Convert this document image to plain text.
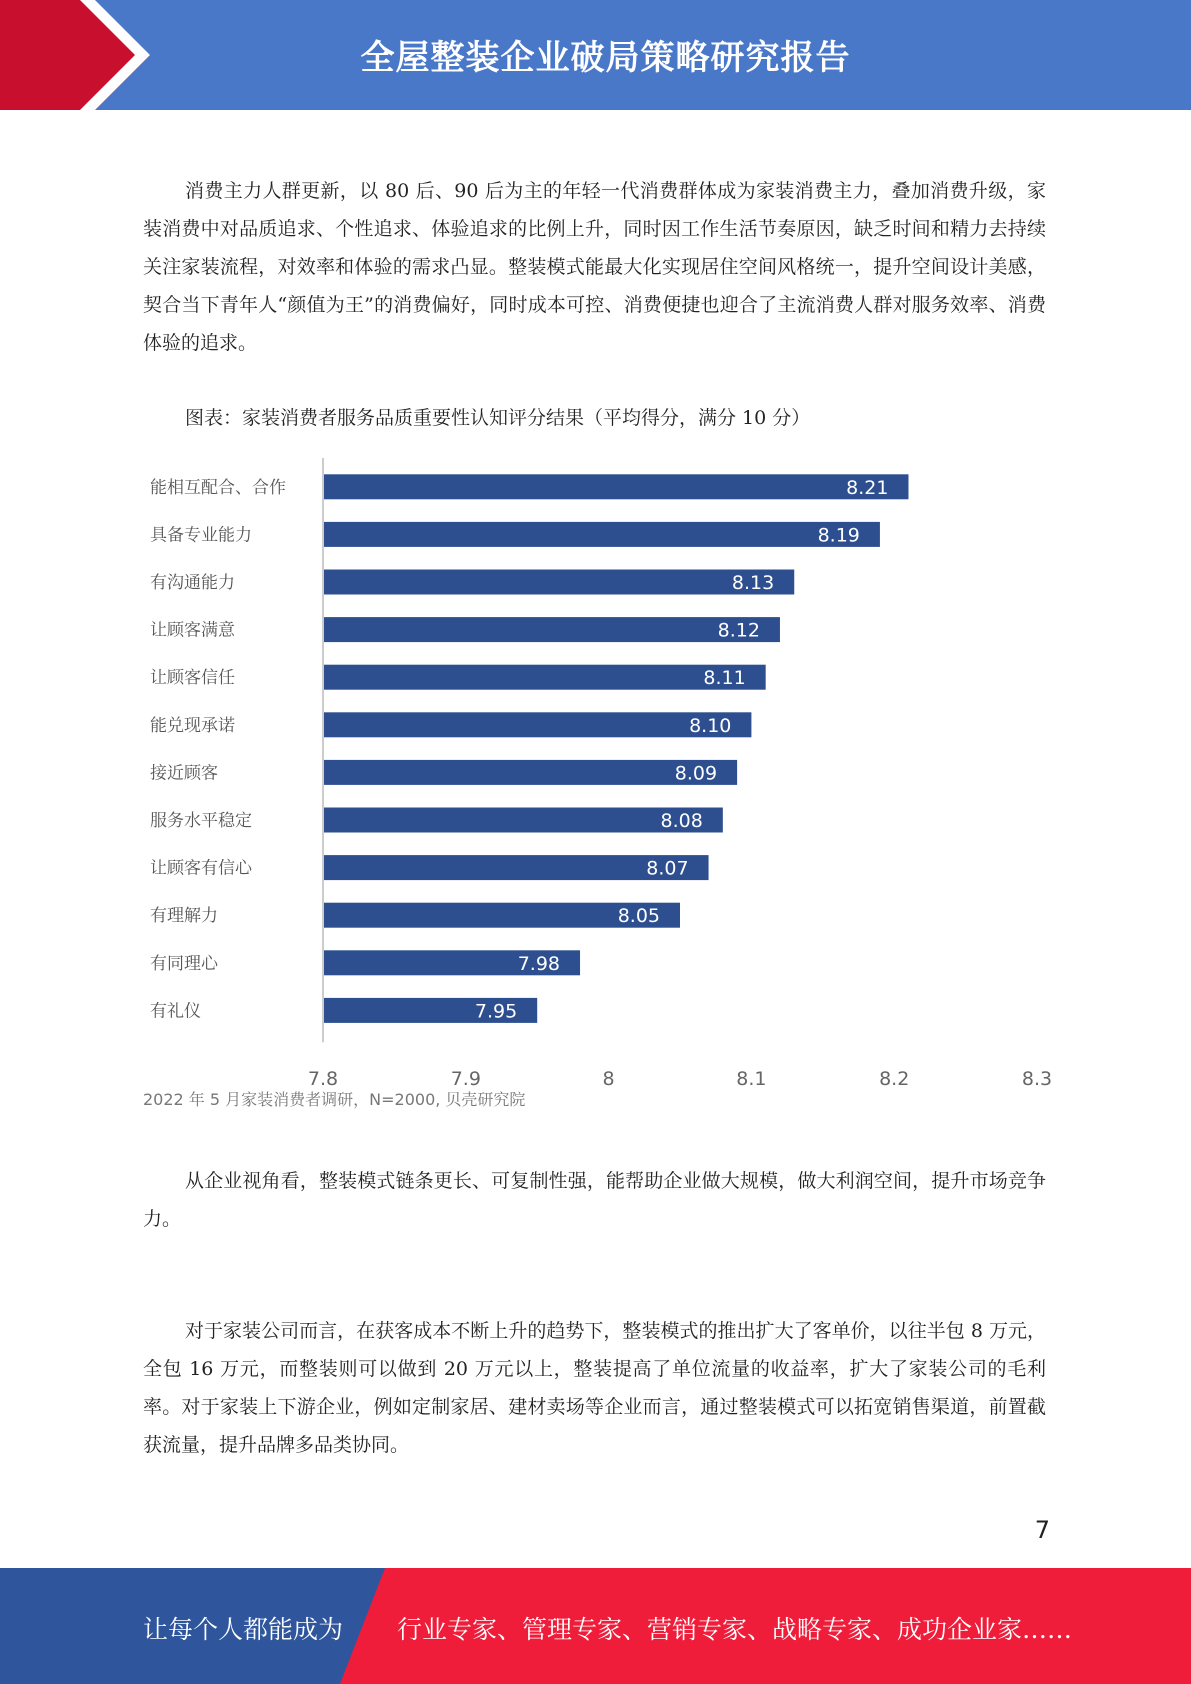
全屋整装企业破局策略研究报告

消费主力人群更新，以 80 后、90 后为主的年轻一代消费群体成为家装消费主力，叠加消费升级，家装消费中对品质追求、个性追求、体验追求的比例上升，同时因工作生活节奏原因，缺乏时间和精力去持续关注家装流程，对效率和体验的需求凸显。整装模式能最大化实现居住空间风格统一，提升空间设计美感，契合当下青年人“颜值为王”的消费偏好，同时成本可控、消费便捷也迎合了主流消费人群对服务效率、消费体验的追求。

图表：家装消费者服务品质重要性认知评分结果（平均得分，满分 10 分）

能相互配合、合作	8.21
具备专业能力	8.19
有沟通能力	8.13
让顾客满意	8.12
让顾客信任	8.11
能兑现承诺	8.10
接近顾客	8.09
服务水平稳定	8.08
让顾客有信心	8.07
有理解力	8.05
有同理心	7.98
有礼仪	7.95
7.8	7.9	8	8.1	8.2	8.3

2022 年 5 月家装消费者调研，N=2000, 贝壳研究院

从企业视角看，整装模式链条更长、可复制性强，能帮助企业做大规模，做大利润空间，提升市场竞争力。

对于家装公司而言，在获客成本不断上升的趋势下，整装模式的推出扩大了客单价，以往半包 8 万元，全包 16 万元，而整装则可以做到 20 万元以上，整装提高了单位流量的收益率，扩大了家装公司的毛利率。对于家装上下游企业，例如定制家居、建材卖场等企业而言，通过整装模式可以拓宽销售渠道，前置截获流量，提升品牌多品类协同。

7
让每个人都能成为 行业专家、管理专家、营销专家、战略专家、成功企业家……
